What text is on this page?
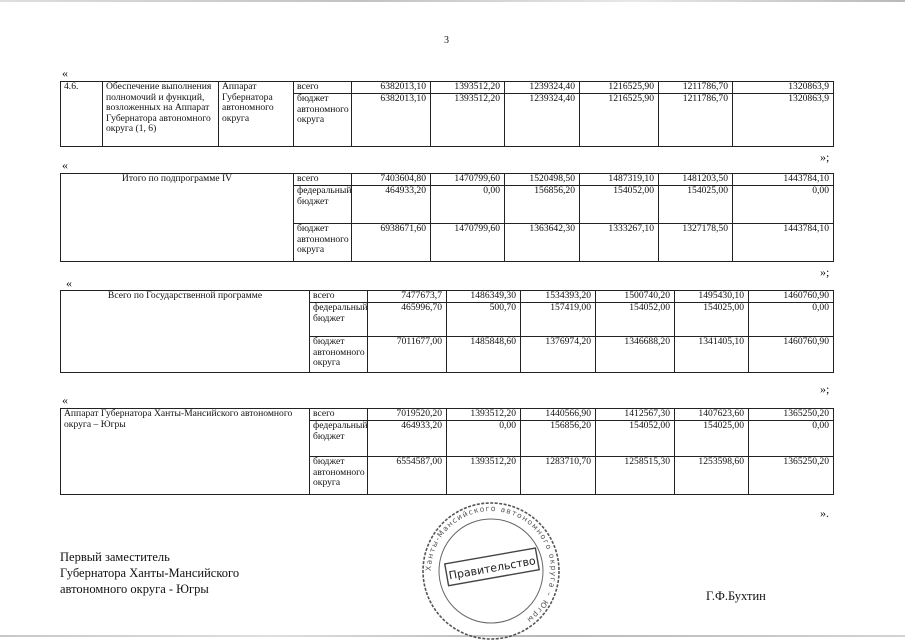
3
«
4.6.	Обеспечение выполнения полномочий и функций, возложенных на Аппарат Губернатора автономного округа (1, 6)	Аппарат Губернатора автономного округа	всего	6382013,10	1393512,20	1239324,40	1216525,90	1211786,70	1320863,9
			бюджет автономного округа	6382013,10	1393512,20	1239324,40	1216525,90	1211786,70	1320863,9
»;
«
Итого по подпрограмме IV	всего	7403604,80	1470799,60	1520498,50	1487319,10	1481203,50	1443784,10
	федеральный бюджет	464933,20	0,00	156856,20	154052,00	154025,00	0,00
	бюджет автономного округа	6938671,60	1470799,60	1363642,30	1333267,10	1327178,50	1443784,10
»;
«
Всего по Государственной программе	всего	7477673,7	1486349,30	1534393,20	1500740,20	1495430,10	1460760,90
	федеральный бюджет	465996,70	500,70	157419,00	154052,00	154025,00	0,00
	бюджет автономного округа	7011677,00	1485848,60	1376974,20	1346688,20	1341405,10	1460760,90
»;
«
Аппарат Губернатора Ханты-Мансийского автономного округа – Югры	всего	7019520,20	1393512,20	1440566,90	1412567,30	1407623,60	1365250,20
	федеральный бюджет	464933,20	0,00	156856,20	154052,00	154025,00	0,00
	бюджет автономного округа	6554587,00	1393512,20	1283710,70	1258515,30	1253598,60	1365250,20
».
Ханты-Мансийского автономного округа – Югры
Правительство
Первый заместитель
Губернатора Ханты-Мансийского
автономного округа - Югры	Г.Ф.Бухтин
